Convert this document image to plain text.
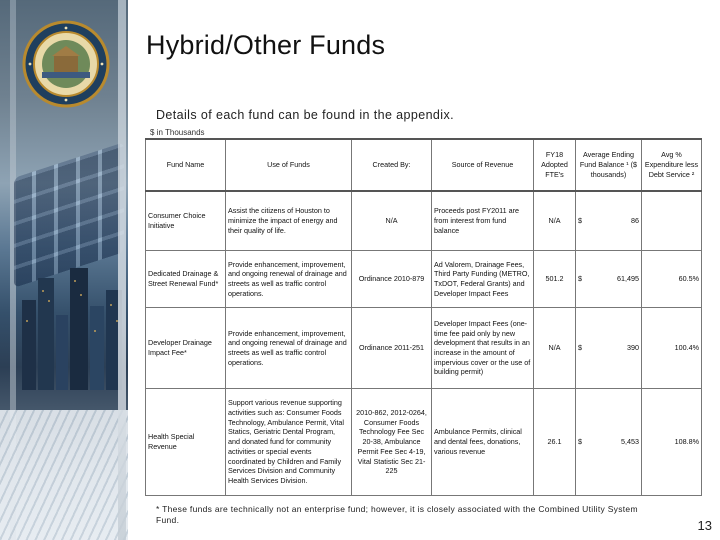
Hybrid/Other Funds
Details of each fund can be found in the appendix.
$ in Thousands
Fund Name	Use of Funds	Created By:	Source of Revenue	FY18 Adopted FTE's	Average Ending Fund Balance ¹ ($ thousands)	Avg % Expenditure less Debt Service ²
Consumer Choice Initiative	Assist the citizens of Houston to minimize the impact of energy and their quality of life.	N/A	Proceeds post FY2011 are from interest from fund balance	N/A	$ 86	

Dedicated Drainage & Street Renewal Fund*	Provide enhancement, improvement, and ongoing renewal of drainage and streets as well as traffic control operations.	Ordinance 2010-879	Ad Valorem, Drainage Fees, Third Party Funding (METRO, TxDOT, Federal Grants) and Developer Impact Fees	501.2	$ 61,495	60.5%
Developer Drainage Impact Fee*	Provide enhancement, improvement, and ongoing renewal of drainage and streets as well as traffic control operations.	Ordinance 2011-251	Developer Impact Fees (one-time fee paid only by new development that results in an increase in the amount of impervious cover or the use of building permit)	N/A	$ 390	100.4%
Health Special Revenue	Support various revenue supporting activities such as: Consumer Foods Technology, Ambulance Permit, Vital Statics, Geriatric Dental Program, and donated fund for community activities or special events coordinated by Children and Family Services Division and Community Health Services Division.	2010-862, 2012-0264, Consumer Foods Technology Fee Sec 20-38, Ambulance Permit Fee Sec 4-19, Vital Statistic Sec 21-225	Ambulance Permits, clinical and dental fees, donations, various revenue	26.1	$ 5,453	108.8%
* These funds are technically not an enterprise fund; however, it is closely associated with the Combined Utility System Fund.	13
